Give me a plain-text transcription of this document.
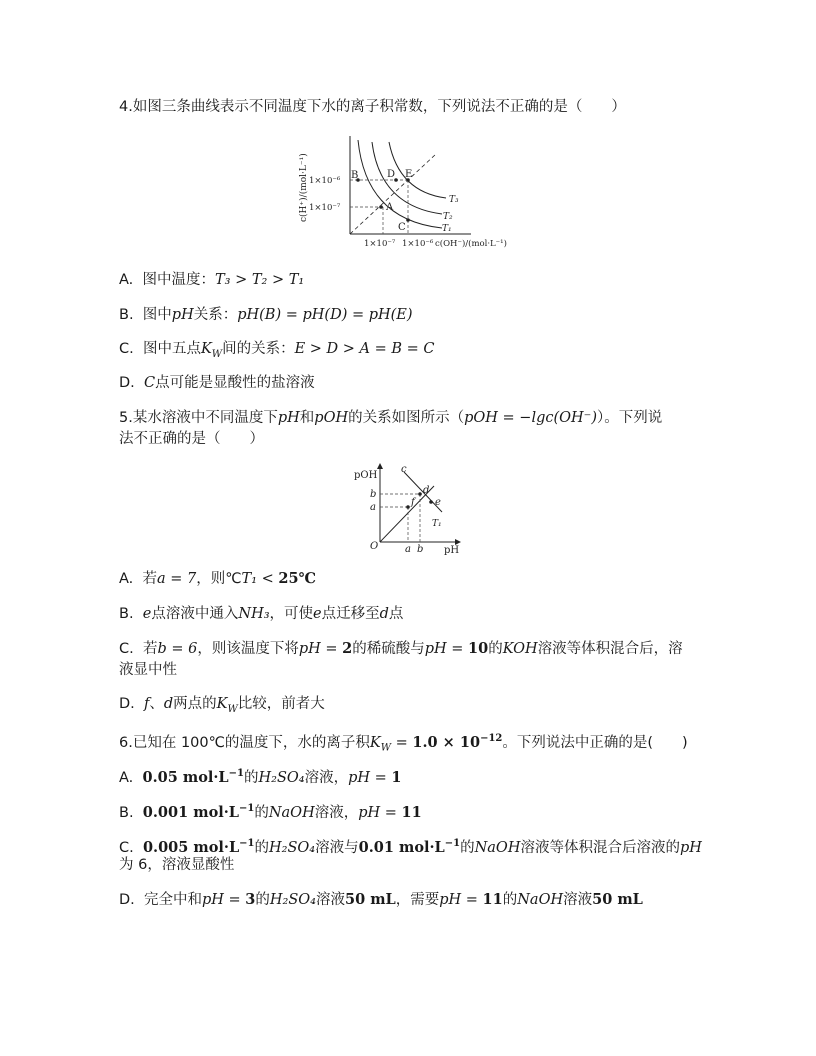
4.如图三条曲线表示不同温度下水的离子积常数，下列说法不正确的是（　　）
c(H⁺)/(mol·L⁻¹) 1×10⁻⁶
1×10⁻⁷
1×10⁻⁷ 1×10⁻⁶ c(OH⁻)/(mol·L⁻¹)
B	D E
A
C
T₃
T₂
T₁
A. 图中温度：T₃ > T₂ > T₁
B. 图中pH关系：pH(B) = pH(D) = pH(E)
C. 图中五点$K_W$间的关系：E > D > A = B = C
D. C点可能是显酸性的盐溶液
5.某水溶液中不同温度下pH和pOH的关系如图所示（pOH = −lgc(OH⁻)）。下列说
法不正确的是（　　）
pOH
pH
O
b
a
a b
c
d
e
f
T₁
A. 若a = 7，则℃T₁ < 25℃
B. e点溶液中通入NH₃，可使e点迁移至d点
C. 若b = 6，则该温度下将pH = 2的稀硫酸与pH = 10的KOH溶液等体积混合后，溶
液显中性
D. f、d两点的$K_W$比较，前者大
6.已知在 100℃的温度下，水的离子积$K_W = 1.0 \times 10^{-12}$。下列说法中正确的是(　　)
A. 0.05 $mol\cdot L^{-1}$的H₂SO₄溶液，pH = 1
B. 0.001 $mol\cdot L^{-1}$的NaOH溶液，pH = 11
C. 0.005 $mol\cdot L^{-1}$的H₂SO₄溶液与0.01 $mol\cdot L^{-1}$的NaOH溶液等体积混合后溶液的pH
为 6，溶液显酸性
D. 完全中和pH = 3的H₂SO₄溶液50 mL，需要pH = 11的NaOH溶液50 mL
